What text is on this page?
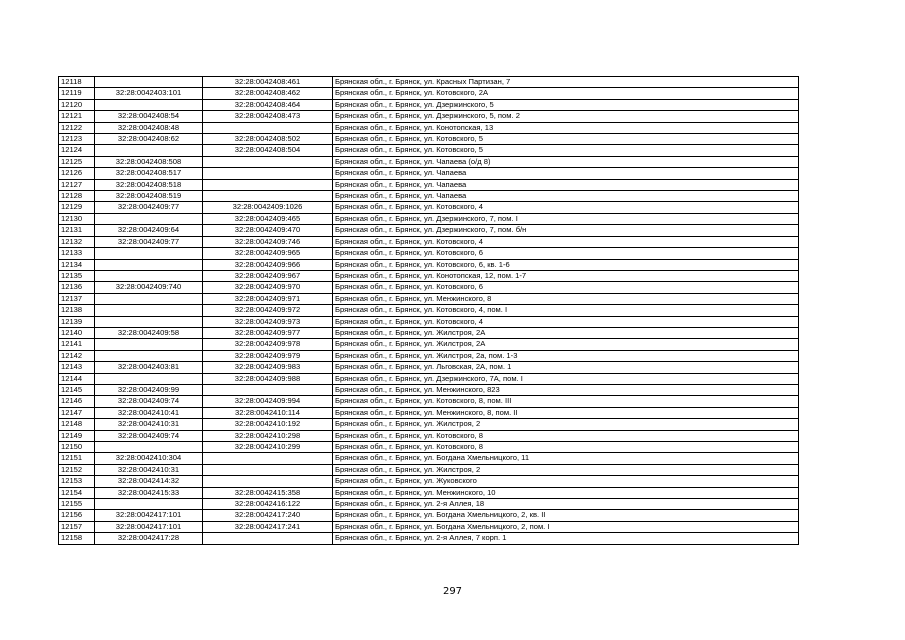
12118		32:28:0042408:461	Брянская обл., г. Брянск, ул. Красных Партизан, 7
12119	32:28:0042403:101	32:28:0042408:462	Брянская обл., г. Брянск, ул. Котовского, 2А
12120		32:28:0042408:464	Брянская обл., г. Брянск, ул. Дзержинского, 5
12121	32:28:0042408:54	32:28:0042408:473	Брянская обл., г. Брянск, ул. Дзержинского, 5, пом. 2
12122	32:28:0042408:48		Брянская обл., г. Брянск, ул. Конотопская, 13
12123	32:28:0042408:62	32:28:0042408:502	Брянская обл., г. Брянск, ул. Котовского, 5
12124		32:28:0042408:504	Брянская обл., г. Брянск, ул. Котовского, 5
12125	32:28:0042408:508		Брянская обл., г. Брянск, ул. Чапаева (о/д 8)
12126	32:28:0042408:517		Брянская обл., г. Брянск, ул. Чапаева
12127	32:28:0042408:518		Брянская обл., г. Брянск, ул. Чапаева
12128	32:28:0042408:519		Брянская обл., г. Брянск, ул. Чапаева
12129	32:28:0042409:77	32:28:0042409:1026	Брянская обл., г. Брянск, ул. Котовского, 4
12130		32:28:0042409:465	Брянская обл., г. Брянск, ул. Дзержинского, 7, пом. I
12131	32:28:0042409:64	32:28:0042409:470	Брянская обл., г. Брянск, ул. Дзержинского, 7, пом. б/н
12132	32:28:0042409:77	32:28:0042409:746	Брянская обл., г. Брянск, ул. Котовского, 4
12133		32:28:0042409:965	Брянская обл., г. Брянск, ул. Котовского, 6
12134		32:28:0042409:966	Брянская обл., г. Брянск, ул. Котовского, 6, кв. 1-6
12135		32:28:0042409:967	Брянская обл., г. Брянск, ул. Конотопская, 12, пом. 1-7
12136	32:28:0042409:740	32:28:0042409:970	Брянская обл., г. Брянск, ул. Котовского, 6
12137		32:28:0042409:971	Брянская обл., г. Брянск, ул. Менжинского, 8
12138		32:28:0042409:972	Брянская обл., г. Брянск, ул. Котовского, 4, пом. I
12139		32:28:0042409:973	Брянская обл., г. Брянск, ул. Котовского, 4
12140	32:28:0042409:58	32:28:0042409:977	Брянская обл., г. Брянск, ул. Жилстроя, 2А
12141		32:28:0042409:978	Брянская обл., г. Брянск, ул. Жилстроя, 2А
12142		32:28:0042409:979	Брянская обл., г. Брянск, ул. Жилстроя, 2а, пом. 1-3
12143	32:28:0042403:81	32:28:0042409:983	Брянская обл., г. Брянск, ул. Льговская, 2А, пом. 1
12144		32:28:0042409:988	Брянская обл., г. Брянск, ул. Дзержинского, 7А, пом. I
12145	32:28:0042409:99		Брянская обл., г. Брянск, ул. Менжинского, 823
12146	32:28:0042409:74	32:28:0042409:994	Брянская обл., г. Брянск, ул. Котовского, 8, пом. III
12147	32:28:0042410:41	32:28:0042410:114	Брянская обл., г. Брянск, ул. Менжинского, 8, пом. II
12148	32:28:0042410:31	32:28:0042410:192	Брянская обл., г. Брянск, ул. Жилстроя, 2
12149	32:28:0042409:74	32:28:0042410:298	Брянская обл., г. Брянск, ул. Котовского, 8
12150		32:28:0042410:299	Брянская обл., г. Брянск, ул. Котовского, 8
12151	32:28:0042410:304		Брянская обл., г. Брянск, ул. Богдана Хмельницкого, 11
12152	32:28:0042410:31		Брянская обл., г. Брянск, ул. Жилстроя, 2
12153	32:28:0042414:32		Брянская обл., г. Брянск, ул. Жуковского
12154	32:28:0042415:33	32:28:0042415:358	Брянская обл., г. Брянск, ул. Менжинского, 10
12155		32:28:0042416:122	Брянская обл., г. Брянск, ул. 2-я Аллея, 18
12156	32:28:0042417:101	32:28:0042417:240	Брянская обл., г. Брянск, ул. Богдана Хмельницкого, 2, кв. II
12157	32:28:0042417:101	32:28:0042417:241	Брянская обл., г. Брянск, ул. Богдана Хмельницкого, 2, пом. I
12158	32:28:0042417:28		Брянская обл., г. Брянск, ул. 2-я Аллея, 7 корп. 1
297
